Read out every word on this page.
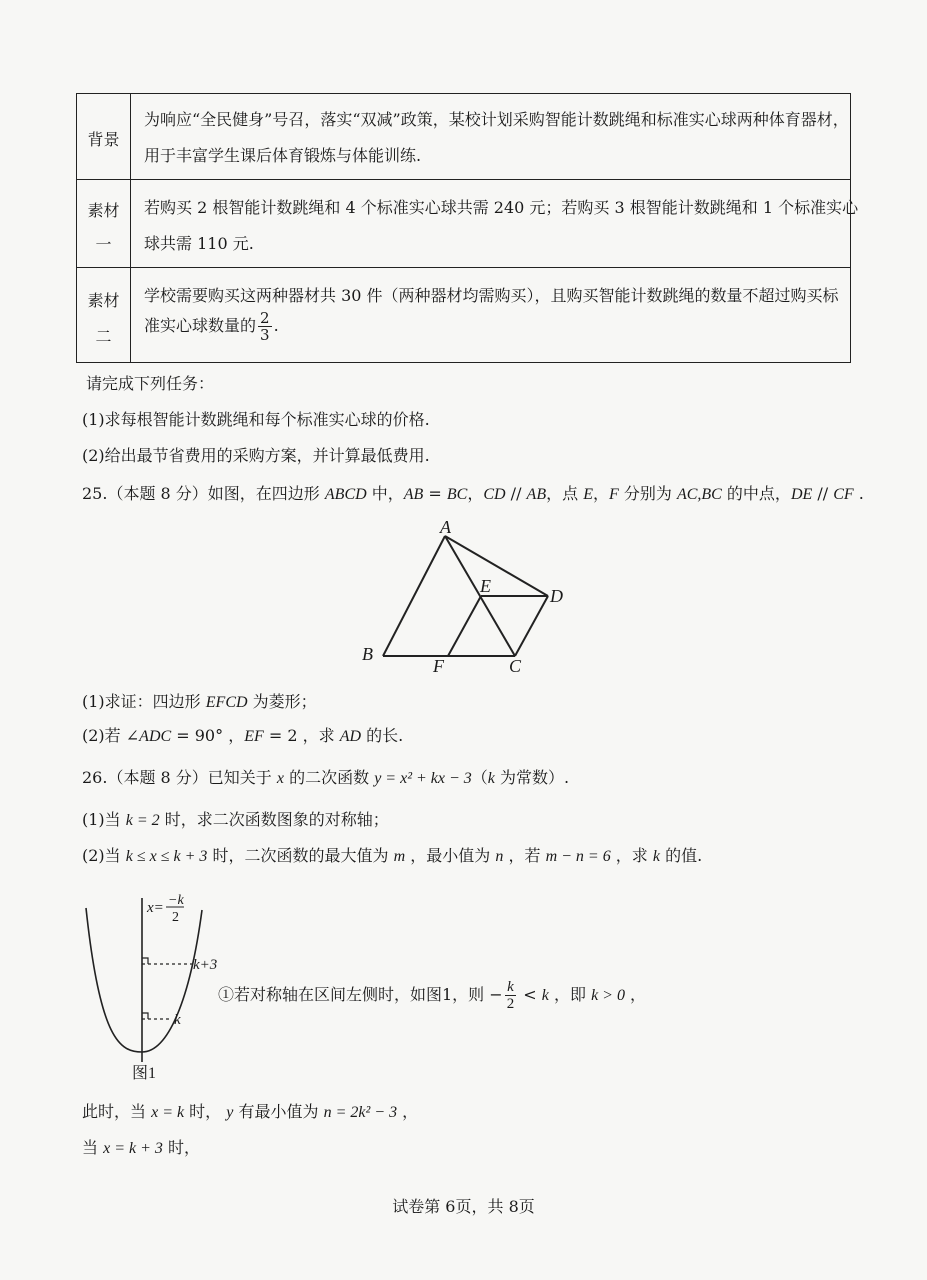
背景
为响应“全民健身”号召，落实“双减”政策，某校计划采购智能计数跳绳和标准实心球两种体育器材，
用于丰富学生课后体育锻炼与体能训练.
素材
一
若购买 2 根智能计数跳绳和 4 个标准实心球共需 240 元；若购买 3 根智能计数跳绳和 1 个标准实心
球共需 110 元.
素材
二
学校需要购买这两种器材共 30 件（两种器材均需购买），且购买智能计数跳绳的数量不超过购买标
准实心球数量的 $\frac{2}{3}$ .
请完成下列任务：
(1)求每根智能计数跳绳和每个标准实心球的价格.
(2)给出最节省费用的采购方案，并计算最低费用.
25.（本题 8 分）如图，在四边形 ABCD 中，AB = BC，CD // AB，点 E，F 分别为 AC,BC 的中点，DE // CF .
A
B
C
D
E
F
(1)求证：四边形 EFCD 为菱形；
(2)若 ∠ADC = 90° ，EF = 2 ，求 AD 的长.
26.（本题 8 分）已知关于 x 的二次函数 y = x² + kx − 3（k 为常数）.
(1)当 k = 2 时，求二次函数图象的对称轴；
(2)当 k ≤ x ≤ k + 3 时，二次函数的最大值为 m ，最小值为 n ，若 m − n = 6 ，求 k 的值.
x= −k
2
k+3
k
图1
①若对称轴在区间左侧时，如图1，则 − $\frac{k}{2} < k$ ，即 k > 0 ，
此时，当 x = k 时， y 有最小值为 n = 2k² − 3 ，
当 x = k + 3 时，
试卷第 6页，共 8页
